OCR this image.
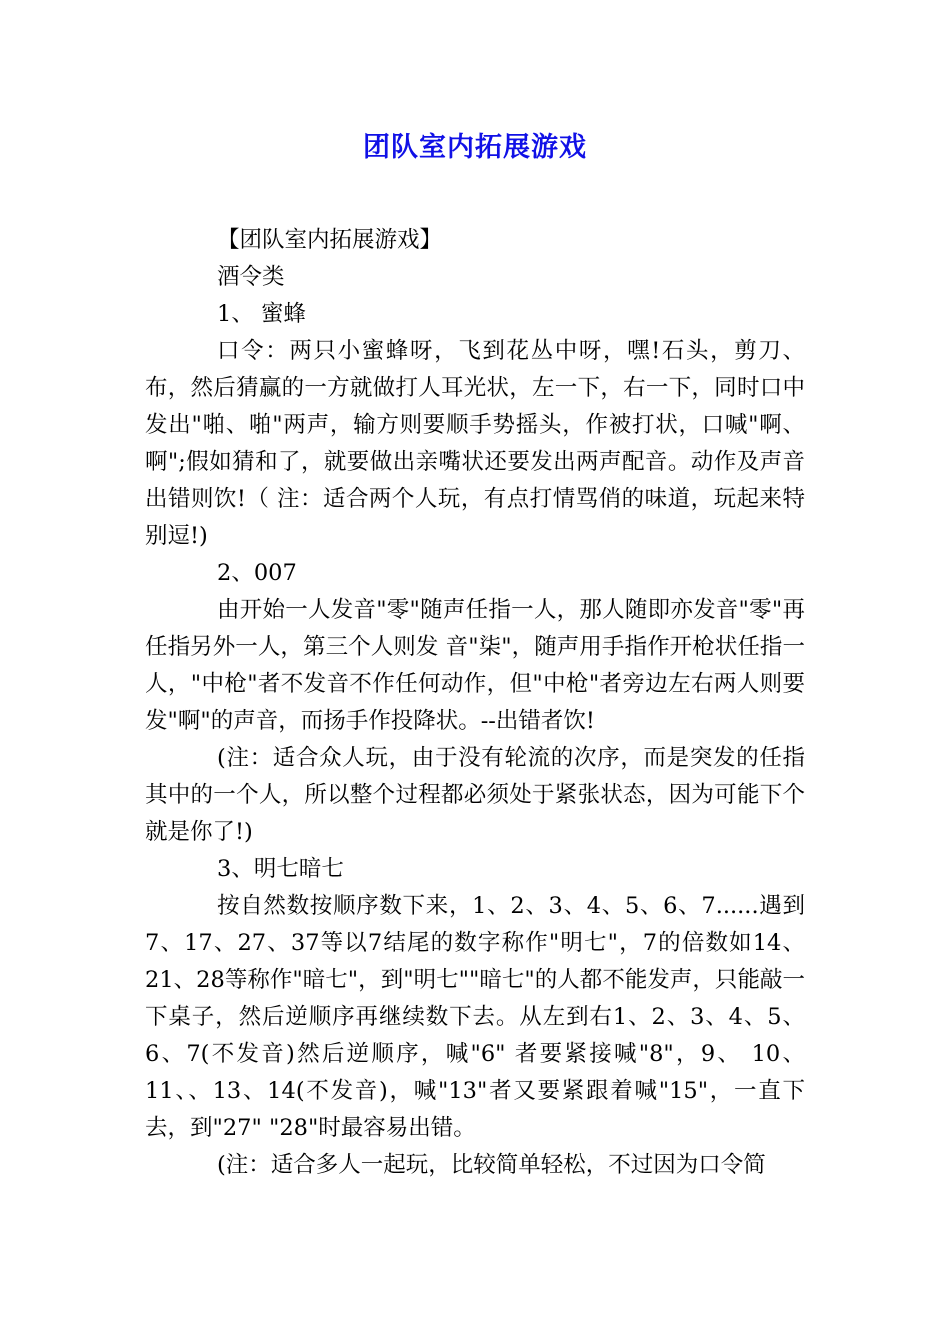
团队室内拓展游戏

【团队室内拓展游戏】

酒令类

1、 蜜蜂

口令：两只小蜜蜂呀，飞到花丛中呀，嘿!石头，剪刀、布，然后猜赢的一方就做打人耳光状，左一下，右一下，同时口中发出"啪、啪"两声，输方则要顺手势摇头，作被打状，口喊"啊、啊";假如猜和了，就要做出亲嘴状还要发出两声配音。动作及声音出错则饮!（ 注：适合两个人玩，有点打情骂俏的味道，玩起来特别逗!)

2、007

由开始一人发音"零"随声任指一人，那人随即亦发音"零"再任指另外一人，第三个人则发 音"柒"，随声用手指作开枪状任指一人，"中枪"者不发音不作任何动作，但"中枪"者旁边左右两人则要发"啊"的声音，而扬手作投降状。--出错者饮!

(注：适合众人玩，由于没有轮流的次序，而是突发的任指其中的一个人，所以整个过程都必须处于紧张状态，因为可能下个就是你了!)

3、明七暗七

按自然数按顺序数下来，1、2、3、4、5、6、7......遇到7、17、27、37等以7结尾的数字称作"明七"，7的倍数如14、21、28等称作"暗七"，到"明七""暗七"的人都不能发声，只能敲一下桌子，然后逆顺序再继续数下去。从左到右1、2、3、4、5、6、7(不发音)然后逆顺序，喊"6" 者要紧接喊"8"，9、 10、11、、13、14(不发音)，喊"13"者又要紧跟着喊"15"，一直下去，到"27" "28"时最容易出错。

(注：适合多人一起玩，比较简单轻松，不过因为口令简
